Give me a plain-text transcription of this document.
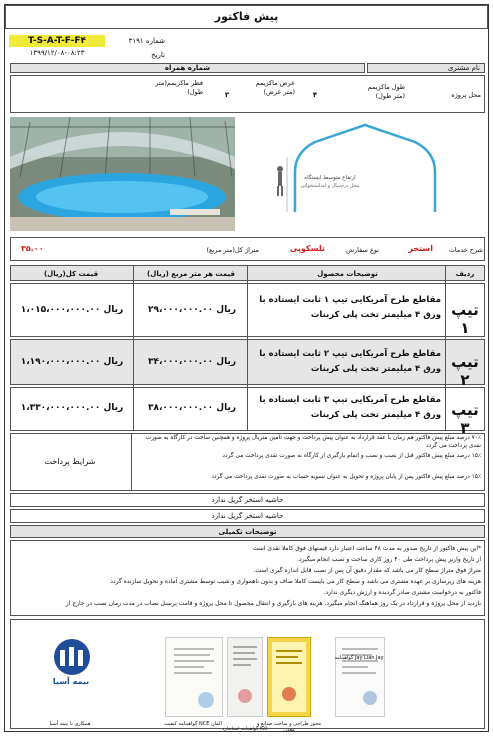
پیش فاکتور
T-S-A-T-F-F۴
۱۳۹۹/۱۲/۰۸-۰۸:۲۳
شماره ۳۱۹۱
تاریخ
شماره همراه	نام مشتری
محل پروژه
طول ماکزیمم (متر طول)
۴
عرض ماکزیمم (متر عرض)
۳
قطر ماکزیمم(متر طول)
ارتفاع متوسط ایستگاه
محل نرم‌سال و لبه‌استخوانی
شرح خدمات
استخر
نوع سفارش
تلسکوپی
متراژ کل(متر مربع)
۳۵.۰۰
ردیف
توضیحات محصول
قیمت هر متر مربع (ریال)
قیمت کل(ریال)
تیپ ۱
مقاطع طرح آمریکایی تیپ ۱ ثابت ایستاده با ورق ۴ میلیمتر تخت پلی کربنات
ریال ۲۹،۰۰۰،۰۰۰.۰۰
ریال ۱،۰۱۵،۰۰۰،۰۰۰.۰۰
تیپ ۲
مقاطع طرح آمریکایی تیپ ۲ ثابت ایستاده با ورق ۴ میلیمتر تخت پلی کربنات
ریال ۳۴،۰۰۰،۰۰۰.۰۰
ریال ۱،۱۹۰،۰۰۰،۰۰۰.۰۰
تیپ ۳
مقاطع طرح آمریکایی تیپ ۳ ثابت ایستاده با ورق ۴ میلیمتر تخت پلی کربنات
ریال ۳۸،۰۰۰،۰۰۰.۰۰
ریال ۱،۳۳۰،۰۰۰،۰۰۰.۰۰
شرایط پرداخت
۷۰٪ درصد مبلغ پیش فاکتور هم زمان با عقد قرارداد به عنوان پیش پرداخت و جهت تامین متریال پروژه و همچنین ساخت در کارگاه به صورت نقدی پرداخت می گردد
۱۵٪ درصد مبلغ پیش فاکتور قبل از نصب و نصب و اتمام بارگیری از کارگاه به صورت نقدی پرداخت می گردد
۱۵٪ درصد مبلغ پیش فاکتور پس از پایان پروژه و تحویل به عنوان تسویه حساب به صورت نقدی پرداخت می گردد
حاشیه استخر گریل ندارد
حاشیه استخر گریل ندارد
توضیحات تکمیلی
*این پیش فاکتور از تاریخ صدور به مدت ۴۸ ساعت اعتبار دارد قیمتهای فوق کاملا نقدی است
از تاریخ واریز پیش پرداخت طی ۴۰ روز کاری ساخت و نصب انجام میگیرد.
متراژ فوق متراژ سطح کار می باشد که مقدار دقیق آن پس از نصب قابل اندازه گیری است.
هزینه های زیرسازی بر عهده مشتری می باشد و سطح کار می بایست کاملا صاف و بدون ناهمواری و شیب توسط مشتری آماده و تحویل سازنده گردد
فاکتور به درخواست مشتری صادر گردیده و ارزش دیگری ندارد.
بازدید از محل پروژه و قرارداد در یک روز هماهنگ انجام میگیرد. هزینه های بارگیری و انتقال محصول تا محل پروژه و قامت پرسنل نصاب در مدت زمان نصب در خارج از
بیمه آسیا
همکاری با بیمه آسیا	گواهینامه کیفیت NCE المان
گواهینامه استاندارد ISO
مجوز طراحی و ساخت صنایع و معدن
گواهینامه Jay Lian Jay
